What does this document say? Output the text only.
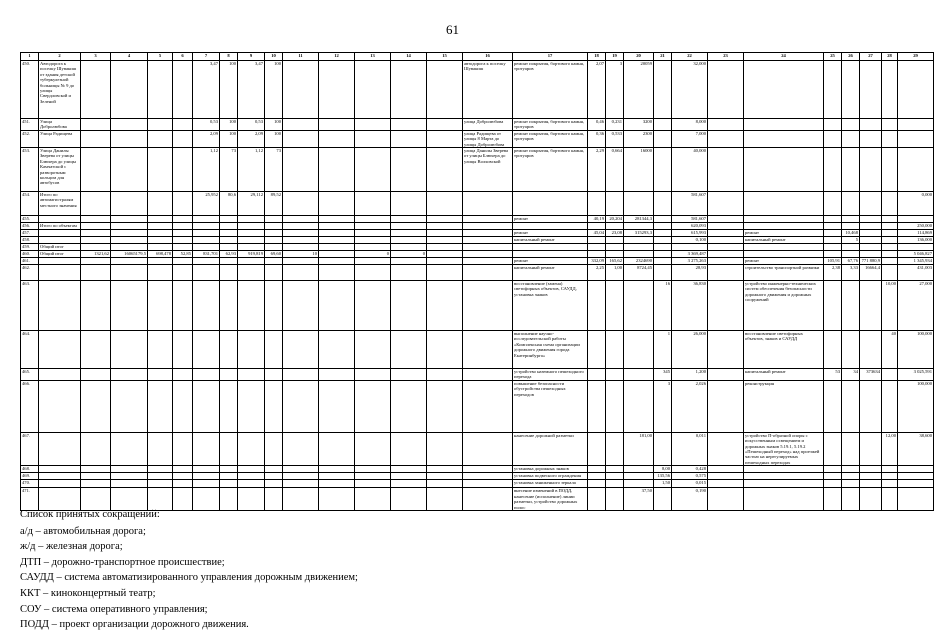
61
1	2	3	4	5	6	7	8	9	10	11	12	13	14	15	16	17	18	19	20	21	22	23	24	25	26	27	28	29
450.	Автодорога к поселку Шувакиш от здания детской туберкулезной больницы № 9 до улицы Свердловской и Зеленой					3,47	100	3,47	100						автодорога к поселку Шувакиш	ремонт покрытия, бортового камня, тротуаров	2,07	3	20059		32,000							
451.	Улица Добролюбова					0,53	100	0,53	100						улица Добролюбова	ремонт покрытия, бортового камня, тротуаров	0,46	0,231	3200		8,000							
452.	Улица Радищева					2,09	100	2,09	100						улица Радищева от улицы 8 Марта до улицы Добролюбова	ремонт покрытия, бортового камня, тротуаров	0,36	0,533	2300		7,000							
453.	Улица Данилы Зверева от улицы Блюхера до улицы Камчатской с разворотным кольцом для автобусов					1,12	73	1,12	73						улица Данилы Зверева от улицы Блюхера до улицы Волховской	ремонт покрытия, бортового камня, тротуаров	2,29	0,664	16000		40,000							
454.	Итого по автомагистралям местного значения					25,952	80,6	29,112	89,52												581,607							0,000
455.																ремонт	40,19	20,204	281344,3		581,607							
456.	Итого по объектам																				620,093							250,000
457.																ремонт	45,04	23,08	315293,3		615,993		ремонт		10,468			114,869
458.																капитальный ремонт					0,100		капитальный ремонт		5			136,000
459.	Общий итог																											
460.	Общий итог	1321,62	16065179,5	698,478	52,85	831,701	62,93	919,819	69,60	10		0	0								3 369,487							5 046,827
461.																ремонт	332,09	165,62	2324690		3 275,263		ремонт	105,91	67,76	771 880,9		1 345,934
462.																капитальный ремонт	2,25	1,00	8724,45		28,93		строительство транспортной развязки	2,38	3,33	16664,4		431,003
463.																восстановление (замена) светофорных объектов, САУДД, установка знаков				16	36,830		устройство инженерно-технических систем обеспечения безопасности дорожного движения и дорожных сооружений				10,00	27,000
464.																выполнение научно-исследовательской работы «Комплексная схема организации дорожного движения города Екатеринбурга»				1	26,000		восстановление светофорных объектов, знаков и САУДД				40	100,000
465.																устройство наземного пешеходного перехода				345	1,200		капитальный ремонт	53	34	373634		3 025,591
466.																повышение безопасности обустройства пешеходных переходов				3	2,026		реконструкция					100,000
467.																нанесение дорожной разметки			181,00		0,011		устройство П-образной опоры с искусственным освещением и дорожных знаков 5.19.1, 5.19.2 «Пешеходный переход» над проезжей частью на нерегулируемых пешеходных переходах				12,00	38,600
468.																установка дорожных знаков				8,00	0,428							
469.																установка подвесного ограждения				135,56	0,575							
470.																установка заниженного зеркала				1,50	0,015							
471.																внесение изменений в ПОДД, нанесение (исполнение) линии разметки, устройство дорожных полос			37,50		0,190							
Список принятых сокращений:
а/д – автомобильная дорога;
ж/д – железная дорога;
ДТП – дорожно-транспортное происшествие;
САУДД – система автоматизированного управления дорожным движением;
ККТ – киноконцертный театр;
СОУ – система оперативного управления;
ПОДД – проект организации дорожного движения.
